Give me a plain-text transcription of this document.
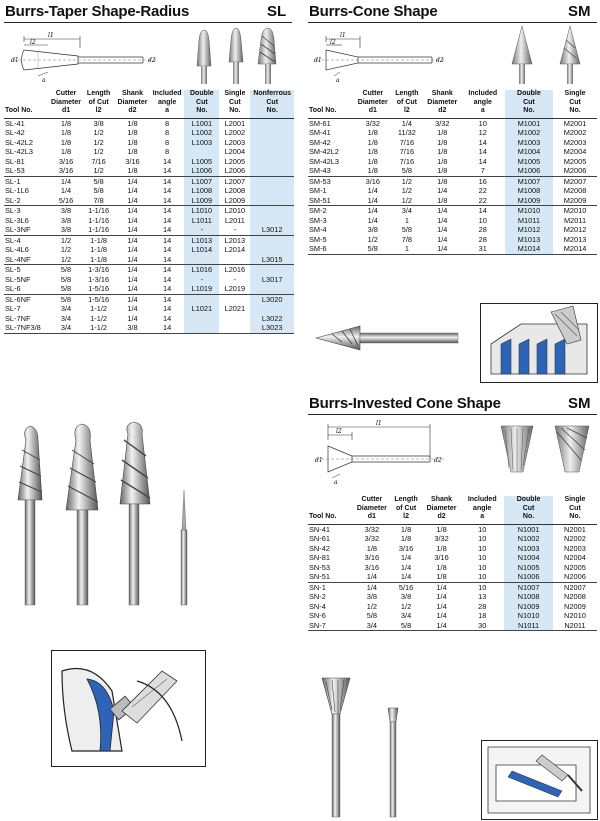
Burrs-Taper Shape-Radius	SL
l1
l2
d1	d2
a
Tool No.	Cutter
Diameter
d1	Length
of Cut
l2	Shank
Diameter
d2	Included
angle
a	Double
Cut
No.	Single
Cut
No.	Nonferrous
Cut
No.
SL-41	1/8	3/8	1/8	8	L1001	L2001	
SL-42	1/8	1/2	1/8	8	L1002	L2002	
SL-42L2	1/8	1/2	1/8	8	L1003	L2003	
SL-42L3	1/8	1/2	1/8	8		L2004	
SL-81	3/16	7/16	3/16	14	L1005	L2005	
SL-53	3/16	1/2	1/8	14	L1006	L2006	
SL-1	1/4	5/8	1/4	14	L1007	L2007	
SL-1L6	1/4	5/8	1/4	14	L1008	L2008	
SL-2	5/16	7/8	1/4	14	L1009	L2009	
SL-3	3/8	1-1/16	1/4	14	L1010	L2010	
SL-3L6	3/8	1-1/16	1/4	14	L1011	L2011	
SL-3NF	3/8	1-1/16	1/4	14	-	-	L3012
SL-4	1/2	1-1/8	1/4	14	L1013	L2013	
SL-4L6	1/2	1-1/8	1/4	14	L1014	L2014	
SL-4NF	1/2	1-1/8	1/4	14			L3015
SL-5	5/8	1-3/16	1/4	14	L1016	L2016	
SL-5NF	5/8	1-3/16	1/4	14	-	-	L3017
SL-6	5/8	1-5/16	1/4	14	L1019	L2019	
SL-6NF	5/8	1-5/16	1/4	14			L3020
SL-7	3/4	1-1/2	1/4	14	L1021	L2021	
SL-7NF	3/4	1-1/2	1/4	14			L3022
SL-7NF3/8	3/4	1-1/2	3/8	14			L3023
Burrs-Cone Shape	SM
l1
l2
d1	d2
a
Tool No.	Cutter
Diameter
d1	Length
of Cut
l2	Shank
Diameter
d2	Included
angle
a	Double
Cut
No.	Single
Cut
No.
SM-61	3/32	1/4	3/32	10	M1001	M2001
SM-41	1/8	11/32	1/8	12	M1002	M2002
SM-42	1/8	7/16	1/8	14	M1003	M2003
SM-42L2	1/8	7/16	1/8	14	M1004	M2004
SM-42L3	1/8	7/16	1/8	14	M1005	M2005
SM-43	1/8	5/8	1/8	7	M1006	M2006
SM-53	3/16	1/2	1/8	16	M1007	M2007
SM-1	1/4	1/2	1/4	22	M1008	M2008
SM-51	1/4	1/2	1/8	22	M1009	M2009
SM-2	1/4	3/4	1/4	14	M1010	M2010
SM-3	1/4	1	1/4	10	M1011	M2011
SM-4	3/8	5/8	1/4	28	M1012	M2012
SM-5	1/2	7/8	1/4	28	M1013	M2013
SM-6	5/8	1	1/4	31	M1014	M2014
Burrs-Invested Cone Shape	SM
l1
l2
d1	d2
a
Tool No.	Cutter
Diameter
d1	Length
of Cut
l2	Shank
Diameter
d2	Included
angle
a	Double
Cut
No.	Single
Cut
No.
SN-41	3/32	1/8	1/8	10	N1001	N2001
SN-61	3/32	1/8	3/32	10	N1002	N2002
SN-42	1/8	3/16	1/8	10	N1003	N2003
SN-81	3/16	1/4	3/16	10	N1004	N2004
SN-53	3/16	1/4	1/8	10	N1005	N2005
SN-51	1/4	1/4	1/8	10	N1006	N2006
SN-1	1/4	5/16	1/4	10	N1007	N2007
SN-2	3/8	3/8	1/4	13	N1008	N2008
SN-4	1/2	1/2	1/4	28	N1009	N2009
SN-6	5/8	3/4	1/4	18	N1010	N2010
SN-7	3/4	5/8	1/4	30	N1011	N2011
